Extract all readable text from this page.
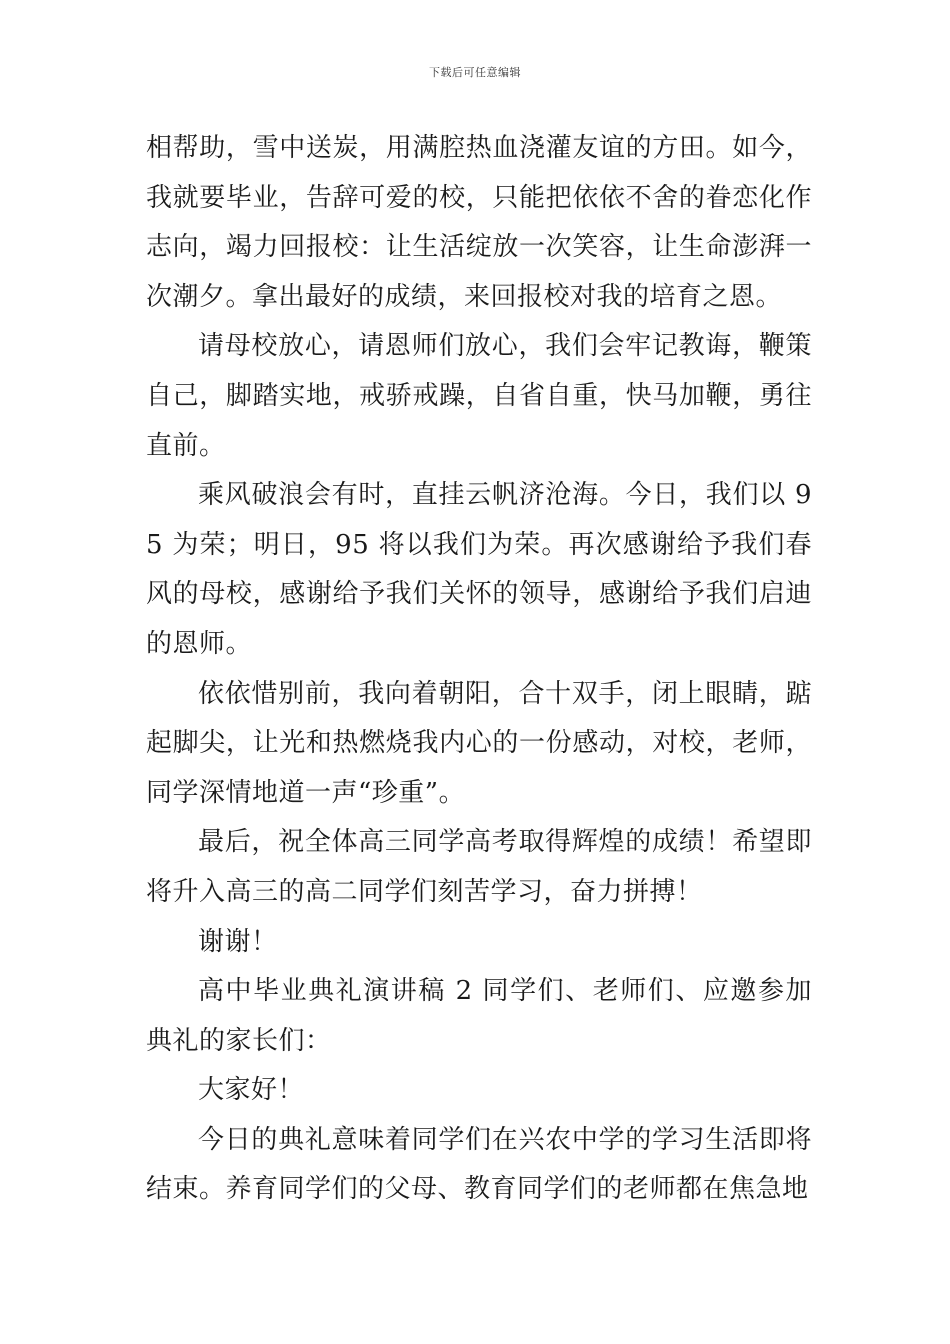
下载后可任意编辑

相帮助，雪中送炭，用满腔热血浇灌友谊的方田。如今，我就要毕业，告辞可爱的校，只能把依依不舍的眷恋化作志向，竭力回报校：让生活绽放一次笑容，让生命澎湃一次潮夕。拿出最好的成绩，来回报校对我的培育之恩。

请母校放心，请恩师们放心，我们会牢记教诲，鞭策自己，脚踏实地，戒骄戒躁，自省自重，快马加鞭，勇往直前。

乘风破浪会有时，直挂云帆济沧海。今日，我们以 95 为荣；明日，95 将以我们为荣。再次感谢给予我们春风的母校，感谢给予我们关怀的领导，感谢给予我们启迪的恩师。

依依惜别前，我向着朝阳，合十双手，闭上眼睛，踮起脚尖，让光和热燃烧我内心的一份感动，对校，老师，同学深情地道一声“珍重”。

最后，祝全体高三同学高考取得辉煌的成绩！希望即将升入高三的高二同学们刻苦学习，奋力拼搏！

谢谢！

高中毕业典礼演讲稿 2 同学们、老师们、应邀参加典礼的家长们：

大家好！

今日的典礼意味着同学们在兴农中学的学习生活即将结束。养育同学们的父母、教育同学们的老师都在焦急地
